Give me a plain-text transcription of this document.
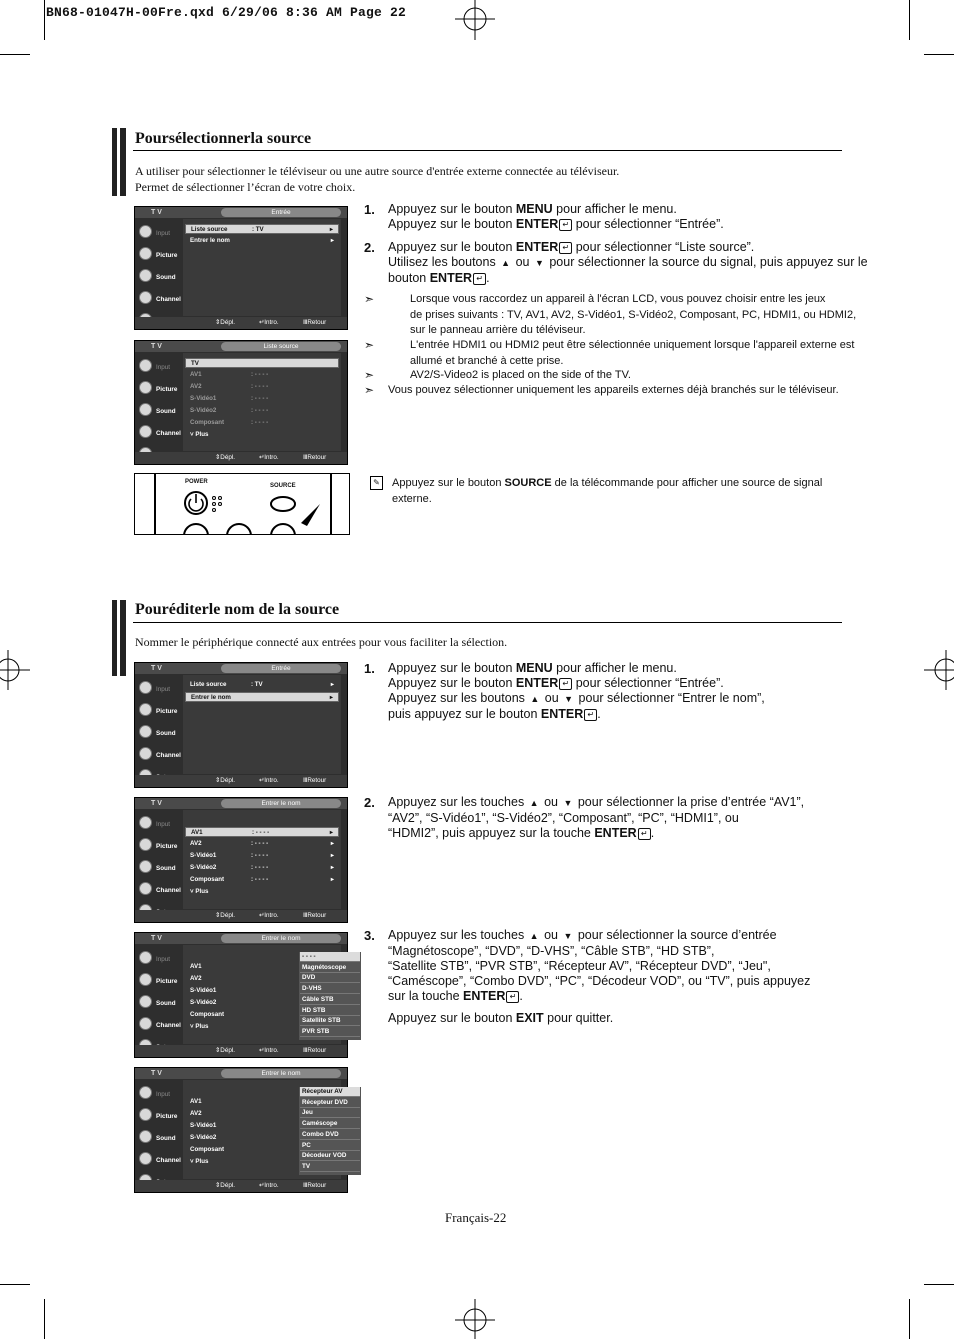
BN68-01047H-00Fre.qxd 6/29/06 8:36 AM Page 22
Poursélectionnerla source
A utiliser pour sélectionner le téléviseur ou une autre source d'entrée externe connectée au téléviseur.
Permet de sélectionner l’écran de votre choix.
1. Appuyez sur le bouton MENU pour afficher le menu.
Appuyez sur le bouton ENTER ↵ pour sélectionner “Entrée”.
2. Appuyez sur le bouton ENTER ↵ pour sélectionner “Liste source”.
Utilisez les boutons ▲ ou ▼ pour sélectionner la source du signal, puis appuyez sur le
bouton ENTER ↵ .
➣	Lorsque vous raccordez un appareil à l'écran LCD, vous pouvez choisir entre les jeux
de prises suivants : TV, AV1, AV2, S-Vidéo1, S-Vidéo2, Composant, PC, HDMI1, ou HDMI2,
sur le panneau arrière du téléviseur.
➣	L'entrée HDMI1 ou HDMI2 peut être sélectionnée uniquement lorsque l'appareil externe est
allumé et branché à cette prise.
➣	AV2/S-Video2 is placed on the side of the TV.
➣ Vous pouvez sélectionner uniquement les appareils externes déjà branchés sur le téléviseur.
✎ Appuyez sur le bouton SOURCE de la télécommande pour afficher une source de signal
externe.
T V	Entrée
Input
Picture
Sound
Channel
Liste source	: TV	▸
Entrer le nom	▸
⇕ Dépl.	↵ Intro.	Ⅲ Retour
T V	Liste source
Input
Picture
Sound
Channel
TV
AV1	: - - - -
AV2	: - - - -
S-Vidéo1	: - - - -
S-Vidéo2	: - - - -
Composant	: - - - -
˅ Plus
⇕ Dépl.	↵ Intro.	Ⅲ Retour
POWER
SOURCE
Pouréditerle nom de la source
Nommer le périphérique connecté aux entrées pour vous faciliter la sélection.
1. Appuyez sur le bouton MENU pour afficher le menu.
Appuyez sur le bouton ENTER ↵ pour sélectionner “Entrée”.
Appuyez sur les boutons ▲ ou ▼ pour sélectionner “Entrer le nom”,
puis appuyez sur le bouton ENTER ↵ .
2. Appuyez sur les touches ▲ ou ▼ pour sélectionner la prise d’entrée “AV1”,
“AV2”, “S-Vidéo1”, “S-Vidéo2”, “Composant”, “PC”, “HDMI1”, ou
“HDMI2”, puis appuyez sur la touche ENTER ↵ .
3. Appuyez sur les touches ▲ ou ▼ pour sélectionner la source d’entrée
“Magnétoscope”, “DVD”, “D-VHS”, “Câble STB”, “HD STB”,
“Satellite STB”, “PVR STB”, “Récepteur AV”, “Récepteur DVD”, “Jeu",
“Caméscope”, “Combo DVD”, “PC”, “Décodeur VOD”, ou “TV”, puis appuyez
sur la touche ENTER ↵ .
Appuyez sur le bouton EXIT pour quitter.
T V	Entrée
Input
Picture
Sound
Channel
Liste source	: TV	▸
Entrer le nom	▸
⇕ Dépl.	↵ Intro.	Ⅲ Retour
T V	Entrer le nom
Input
Picture
Sound
Channel
AV1	: - - - -	▸
AV2	: - - - -	▸
S-Vidéo1	: - - - -	▸
S-Vidéo2	: - - - -	▸
Composant	: - - - -	▸
˅ Plus
⇕ Dépl.	↵ Intro.	Ⅲ Retour
T V	Entrer le nom
Input
Picture
Sound
Channel
AV1
AV2
S-Vidéo1
S-Vidéo2
Composant
˅ Plus
- - - -
Magnétoscope
DVD
D-VHS
Câble STB
HD STB
Satellite STB
PVR STB
⇕ Dépl.	↵ Intro.	Ⅲ Retour
T V	Entrer le nom
Input
Picture
Sound
Channel
AV1
AV2
S-Vidéo1
S-Vidéo2
Composant
˅ Plus
Récepteur AV
Récepteur DVD
Jeu
Caméscope
Combo DVD
PC
Décodeur VOD
TV
⇕ Dépl.	↵ Intro.	Ⅲ Retour
Français-22
